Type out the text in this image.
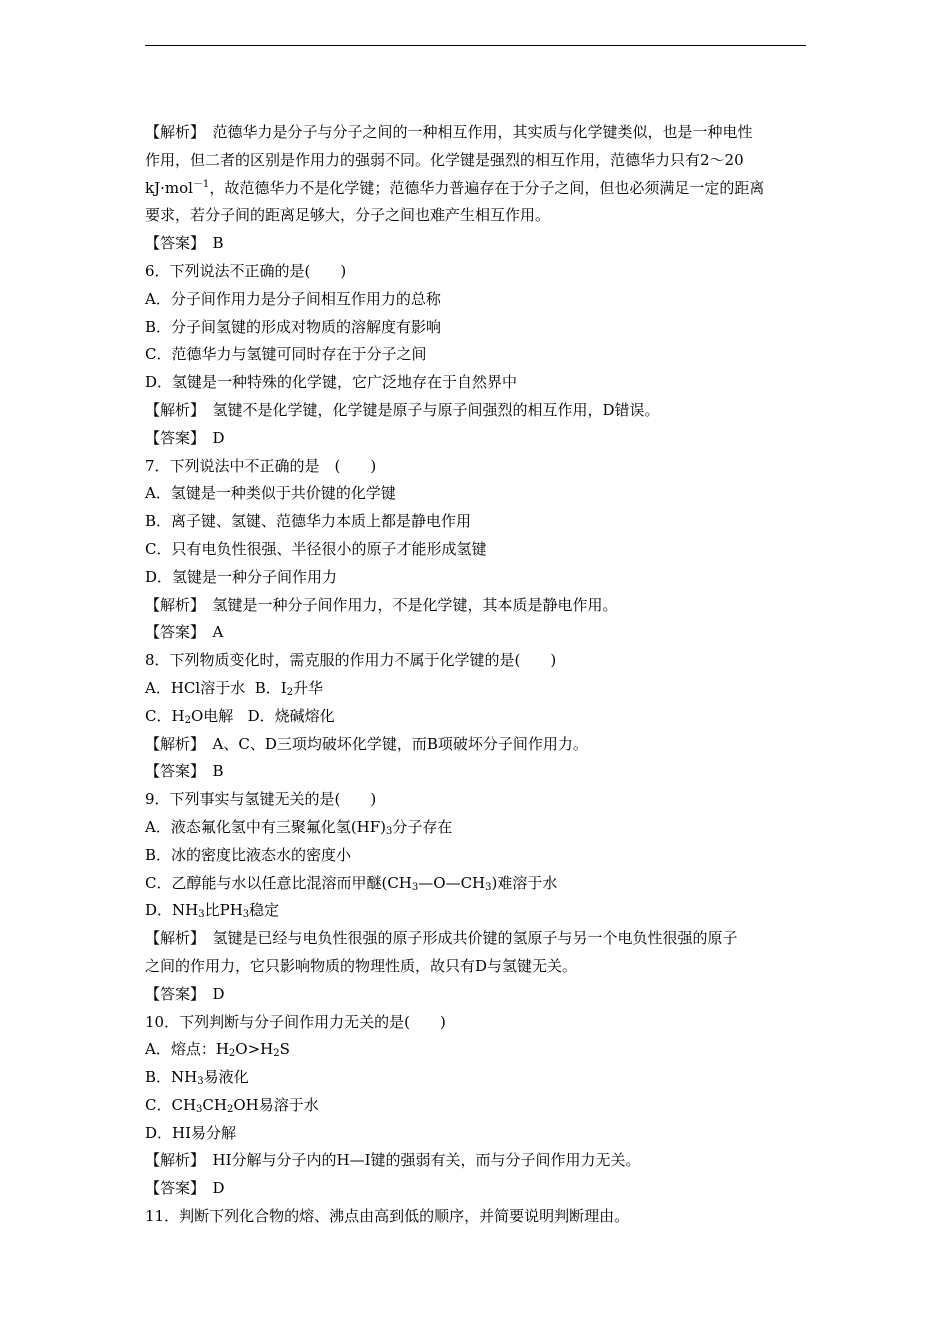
【解析】　 范德华力是分子与分子之间的一种相互作用，其实质与化学键类似，也是一种电性
作用，但二者的区别是作用力的强弱不同。化学键是强烈的相互作用，范德华力只有2～20
kJ·mol$^{-1}$，故范德华力不是化学键；范德华力普遍存在于分子之间，但也必须满足一定的距离
要求，若分子间的距离足够大，分子之间也难产生相互作用。
【答案】　 B
6．下列说法不正确的是(　　)
A．分子间作用力是分子间相互作用力的总称
B．分子间氢键的形成对物质的溶解度有影响
C．范德华力与氢键可同时存在于分子之间
D．氢键是一种特殊的化学键，它广泛地存在于自然界中
【解析】　 氢键不是化学键，化学键是原子与原子间强烈的相互作用，D错误。
【答案】　 D
7．下列说法中不正确的是　(　　)
A．氢键是一种类似于共价键的化学键
B．离子键、氢键、范德华力本质上都是静电作用
C．只有电负性很强、半径很小的原子才能形成氢键
D．氢键是一种分子间作用力
【解析】　 氢键是一种分子间作用力，不是化学键，其本质是静电作用。
【答案】　 A
8．下列物质变化时，需克服的作用力不属于化学键的是(　　)
A．HCl溶于水 B．$I_2$升华
C．$H_2O$电解 D．烧碱熔化
【解析】　 A、C、D三项均破坏化学键，而B项破坏分子间作用力。
【答案】　 B
9．下列事实与氢键无关的是(　　)
A．液态氟化氢中有三聚氟化氢$(HF)_3$分子存在
B．冰的密度比液态水的密度小
C．乙醇能与水以任意比混溶而甲醚$(CH_3—O—CH_3)$难溶于水
D．$NH_3$比$PH_3$稳定
【解析】　 氢键是已经与电负性很强的原子形成共价键的氢原子与另一个电负性很强的原子
之间的作用力，它只影响物质的物理性质，故只有D与氢键无关。
【答案】　 D
10．下列判断与分子间作用力无关的是(　　)
A．熔点：$H_2O>H_2S$
B．$NH_3$易液化
C．$CH_3CH_2OH$易溶于水
D．HI易分解
【解析】　 HI分解与分子内的H—I键的强弱有关，而与分子间作用力无关。
【答案】　 D
11．判断下列化合物的熔、沸点由高到低的顺序，并简要说明判断理由。
